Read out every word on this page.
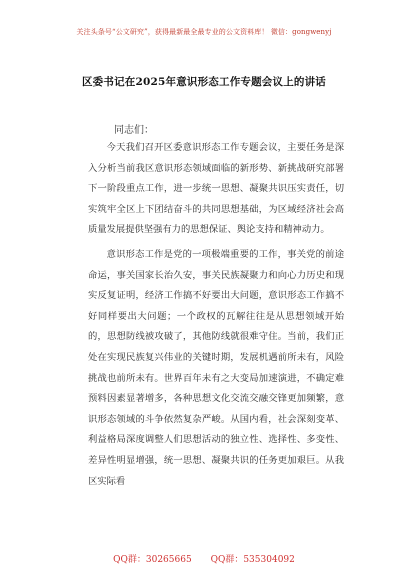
关注头条号“公文研究”，获得最新最全最专业的公文资料库！ 微信：gongwenyj
区委书记在2025年意识形态工作专题会议上的讲话
同志们：

今天我们召开区委意识形态工作专题会议，主要任务是深入分析当前我区意识形态领域面临的新形势、新挑战研究部署下一阶段重点工作，进一步统一思想、凝聚共识压实责任，切实筑牢全区上下团结奋斗的共同思想基础，为区域经济社会高质量发展提供坚强有力的思想保证、舆论支持和精神动力。

意识形态工作是党的一项极端重要的工作，事关党的前途命运，事关国家长治久安，事关民族凝聚力和向心力历史和现实反复证明，经济工作搞不好要出大问题，意识形态工作搞不好同样要出大问题；一个政权的瓦解往往是从思想领域开始的，思想防线被攻破了，其他防线就很难守住。当前，我们正处在实现民族复兴伟业的关键时期，发展机遇前所未有，风险挑战也前所未有。世界百年未有之大变局加速演进，不确定难预料因素显著增多，各种思想文化交流交融交锋更加频繁，意识形态领域的斗争依然复杂严峻。从国内看，社会深刻变革、利益格局深度调整人们思想活动的独立性、选择性、多变性、差异性明显增强，统一思想、凝聚共识的任务更加艰巨。从我区实际看

QQ群：30265665 QQ群：535304092
